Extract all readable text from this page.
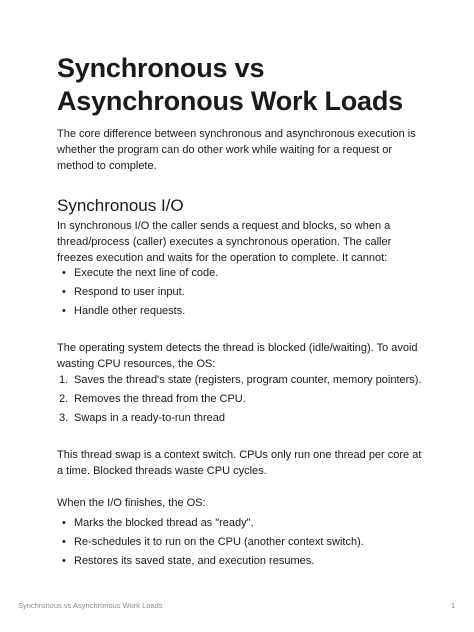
Synchronous vs Asynchronous Work Loads

The core difference between synchronous and asynchronous execution is whether the program can do other work while waiting for a request or method to complete.

Synchronous I/O

In synchronous I/O the caller sends a request and blocks, so when a thread/process (caller) executes a synchronous operation. The caller freezes execution and waits for the operation to complete. It cannot:

• Execute the next line of code.
• Respond to user input.
• Handle other requests.

The operating system detects the thread is blocked (idle/waiting). To avoid wasting CPU resources, the OS:

1. Saves the thread's state (registers, program counter, memory pointers).
2. Removes the thread from the CPU.
3. Swaps in a ready-to-run thread

This thread swap is a context switch. CPUs only run one thread per core at a time. Blocked threads waste CPU cycles.

When the I/O finishes, the OS:

• Marks the blocked thread as "ready".
• Re-schedules it to run on the CPU (another context switch).
• Restores its saved state, and execution resumes.
Synchronous vs Asynchronous Work Loads	1
